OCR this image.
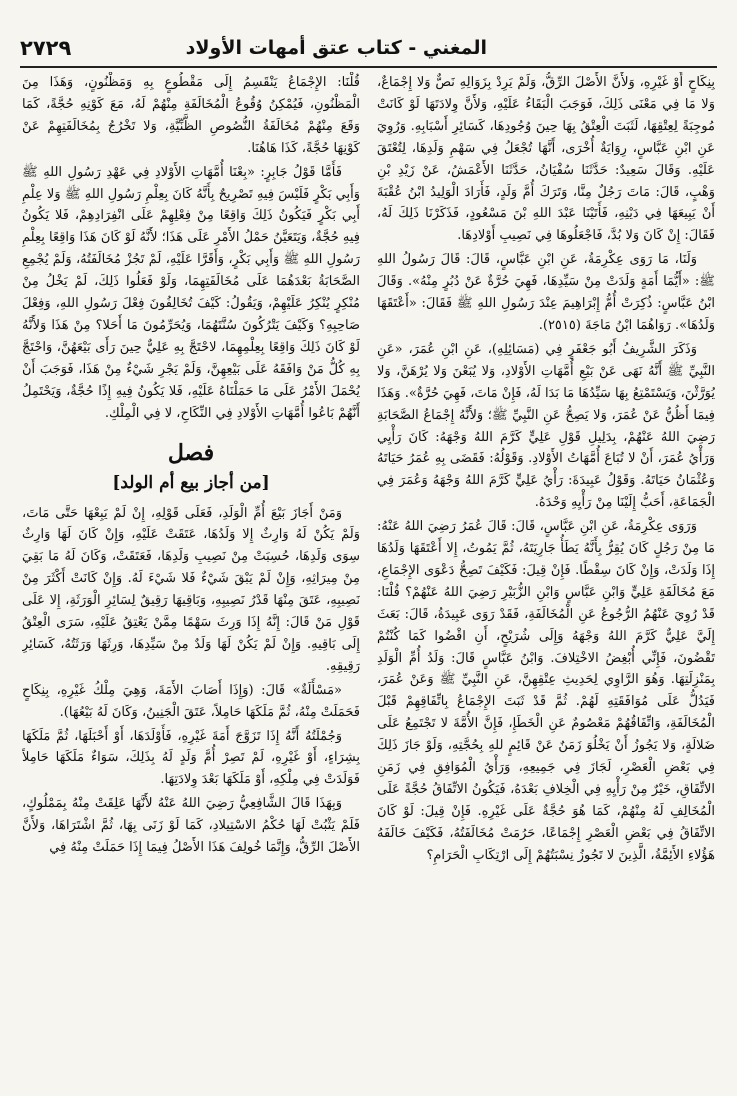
المغني - كتاب عتق أمهات الأولاد
٢٧٢٩

بِنِكَاحٍ أَوْ غَيْرِهِ، وَلأَنَّ الأَصْلَ الرِّقُّ، وَلَمْ يَرِدْ بِزَوَالِهِ نَصٌّ وَلا إِجْمَاعٌ، وَلا مَا فِي مَعْنَى ذَلِكَ، فَوَجَبَ الْبَقَاءُ عَلَيْهِ، وَلأَنَّ وِلادَتَهَا لَوْ كَانَتْ مُوجِبَةً لِعِتْقِهَا، لَثَبَتَ الْعِتْقُ بِهَا حِينَ وُجُودِهَا، كَسَائِرِ أَسْبَابِهِ. وَرُوِيَ عَنِ ابْنِ عَبَّاسٍ، رِوَايَةٌ أُخْرَى، أَنَّهَا تُجْعَلُ فِي سَهْمِ وَلَدِهَا، لِتُعْتَقَ عَلَيْهِ. وَقَالَ سَعِيدٌ: حَدَّثَنَا سُفْيَانُ، حَدَّثَنَا الأَعْمَشُ، عَنْ زَيْدِ بْنِ وَهْبٍ، قَالَ: مَاتَ رَجُلٌ مِنَّا، وَتَرَكَ أُمَّ وَلَدٍ، فَأَرَادَ الْوَلِيدُ ابْنُ عُقْبَةَ أَنْ يَبِيعَهَا فِي دَيْنِهِ، فَأَتَيْنَا عَبْدَ اللهِ بْنَ مَسْعُودٍ، فَذَكَرْنَا ذَلِكَ لَهُ، فَقَالَ: إِنْ كَانَ وَلا بُدَّ، فَاجْعَلُوهَا فِي نَصِيبِ أَوْلادِهَا.

وَلَنَا، مَا رَوَى عِكْرِمَةُ، عَنِ ابْنِ عَبَّاسٍ، قَالَ: قَالَ رَسُولُ اللهِ ﷺ: «أَيُّمَا أَمَةٍ وَلَدَتْ مِنْ سَيِّدِهَا، فَهِيَ حُرَّةٌ عَنْ دُبُرٍ مِنْهُ». وَقَالَ ابْنُ عَبَّاسٍ: ذُكِرَتْ أُمُّ إِبْرَاهِيمَ عِنْدَ رَسُولِ اللهِ ﷺ فَقَالَ: «أَعْتَقَهَا وَلَدُهَا». رَوَاهُمَا ابْنُ مَاجَةَ (٢٥١٥).

وَذَكَرَ الشَّرِيفُ أَبُو جَعْفَرٍ فِي (مَسَائِلِهِ)، عَنِ ابْنِ عُمَرَ، «عَنِ النَّبِيِّ ﷺ أَنَّهُ نَهَى عَنْ بَيْعِ أُمَّهَاتِ الأَوْلادِ، وَلا يُبَعْنَ وَلا يُرْهَنَّ، وَلا يُوَرَّثْنَ، وَيَسْتَمْتِعُ بِهَا سَيِّدُهَا مَا بَدَا لَهُ، فَإِنْ مَاتَ، فَهِيَ حُرَّةٌ». وَهَذَا فِيمَا أَظُنُّ عَنْ عُمَرَ، وَلا يَصِحُّ عَنِ النَّبِيِّ ﷺ؛ وَلأَنَّهُ إِجْمَاعُ الصَّحَابَةِ رَضِيَ اللهُ عَنْهُمْ، بِدَلِيلِ قَوْلِ عَلِيٍّ كَرَّمَ اللهُ وَجْهَهُ: كَانَ رَأْيِي وَرَأْيُ عُمَرَ، أَنْ لا تُبَاعَ أُمَّهَاتُ الأَوْلادِ. وَقَوْلُهُ: فَقَضَى بِهِ عُمَرُ حَيَاتَهُ وَعُثْمَانُ حَيَاتَهُ. وَقَوْلُ عَبِيدَةَ: رَأْيُ عَلِيٍّ كَرَّمَ اللهُ وَجْهَهُ وَعُمَرَ فِي الْجَمَاعَةِ، أَحَبُّ إِلَيْنَا مِنْ رَأْيِهِ وَحْدَهُ.

وَرَوَى عِكْرِمَةُ، عَنِ ابْنِ عَبَّاسٍ، قَالَ: قَالَ عُمَرُ رَضِيَ اللهُ عَنْهُ: مَا مِنْ رَجُلٍ كَانَ يُقِرُّ بِأَنَّهُ يَطَأُ جَارِيَتَهُ، ثُمَّ يَمُوتُ، إِلا أَعْتَقَهَا وَلَدُهَا إِذَا وَلَدَتْ، وَإِنْ كَانَ سِقْطًا. فَإِنْ قِيلَ: فَكَيْفَ تَصِحُّ دَعْوَى الإِجْمَاعِ، مَعَ مُخَالَفَةِ عَلِيٍّ وَابْنِ عَبَّاسٍ وَابْنِ الزُّبَيْرِ رَضِيَ اللهُ عَنْهُمْ؟ قُلْنَا: قَدْ رُوِيَ عَنْهُمُ الرُّجُوعُ عَنِ الْمُخَالَفَةِ، فَقَدْ رَوَى عَبِيدَةُ، قَالَ: بَعَثَ إِلَيَّ عَلِيٌّ كَرَّمَ اللهُ وَجْهَهُ وَإِلَى شُرَيْحٍ، أَنِ اقْضُوا كَمَا كُنْتُمْ تَقْضُونَ، فَإِنِّي أُبْغِضُ الاخْتِلافَ. وَابْنُ عَبَّاسٍ قَالَ: وَلَدُ أُمِّ الْوَلَدِ بِمَنْزِلَتِهَا. وَهُوَ الرَّاوِي لِحَدِيثِ عِتْقِهِنَّ، عَنِ النَّبِيِّ ﷺ وَعَنْ عُمَرَ، فَيَدُلُّ عَلَى مُوَافَقَتِهِ لَهُمْ. ثُمَّ قَدْ ثَبَتَ الإِجْمَاعُ بِاتِّفَاقِهِمْ قَبْلَ الْمُخَالَفَةِ، وَاتِّفَاقُهُمْ مَعْصُومٌ عَنِ الْخَطَإِ، فَإِنَّ الأُمَّةَ لا تَجْتَمِعُ عَلَى ضَلالَةٍ، وَلا يَجُوزُ أَنْ يَخْلُوَ زَمَنٌ عَنْ قَائِمٍ للهِ بِحُجَّتِهِ، وَلَوْ جَازَ ذَلِكَ فِي بَعْضِ الْعَصْرِ، لَجَازَ فِي جَمِيعِهِ، وَرَأْيُ الْمُوَافِقِ فِي زَمَنِ الاتِّفَاقِ، خَيْرٌ مِنْ رَأْيِهِ فِي الْخِلافِ بَعْدَهُ، فَيَكُونُ الاتِّفَاقُ حُجَّةً عَلَى الْمُخَالِفِ لَهُ مِنْهُمْ، كَمَا هُوَ حُجَّةٌ عَلَى غَيْرِهِ. فَإِنْ قِيلَ: لَوْ كَانَ الاتِّفَاقُ فِي بَعْضِ الْعَصْرِ إِجْمَاعًا، حَرُمَتْ مُخَالَفَتُهُ، فَكَيْفَ خَالَفَهُ هَؤُلاءِ الأَئِمَّةُ، الَّذِينَ لا تَجُوزُ نِسْبَتُهُمْ إِلَى ارْتِكَابِ الْحَرَامِ؟

قُلْنَا: الإِجْمَاعُ يَنْقَسِمُ إِلَى مَقْطُوعٍ بِهِ وَمَظْنُونٍ، وَهَذَا مِنَ الْمَظْنُونِ، فَيُمْكِنُ وُقُوعُ الْمُخَالَفَةِ مِنْهُمْ لَهُ، مَعَ كَوْنِهِ حُجَّةً، كَمَا وَقَعَ مِنْهُمْ مُخَالَفَةُ النُّصُوصِ الظَّنِّيَّةِ، وَلا تَخْرُجُ بِمُخَالَفَتِهِمْ عَنْ كَوْنِهَا حُجَّةً، كَذَا هَاهُنَا.

فَأَمَّا قَوْلُ جَابِرٍ: «بِعْنَا أُمَّهَاتِ الأَوْلادِ فِي عَهْدِ رَسُولِ اللهِ ﷺ وَأَبِي بَكْرٍ فَلَيْسَ فِيهِ تَصْرِيحٌ بِأَنَّهُ كَانَ بِعِلْمِ رَسُولِ اللهِ ﷺ وَلا عِلْمِ أَبِي بَكْرٍ فَيَكُونُ ذَلِكَ وَاقِعًا مِنْ فِعْلِهِمْ عَلَى انْفِرَادِهِمْ، فَلا يَكُونُ فِيهِ حُجَّةٌ، وَيَتَعَيَّنُ حَمْلُ الأَمْرِ عَلَى هَذَا؛ لأَنَّهُ لَوْ كَانَ هَذَا وَاقِعًا بِعِلْمِ رَسُولِ اللهِ ﷺ وَأَبِي بَكْرٍ، وَأَقَرَّا عَلَيْهِ، لَمْ تَجُزْ مُخَالَفَتُهُ، وَلَمْ يُجْمِعِ الصَّحَابَةُ بَعْدَهُمَا عَلَى مُخَالَفَتِهِمَا، وَلَوْ فَعَلُوا ذَلِكَ، لَمْ يَخْلُ مِنْ مُنْكِرٍ يُنْكِرُ عَلَيْهِمْ، وَيَقُولُ: كَيْفَ تُخَالِفُونَ فِعْلَ رَسُولِ اللهِ، وَفِعْلَ صَاحِبِهِ؟ وَكَيْفَ يَتْرُكُونَ سُنَّتَهُمَا، وَيُحَرِّمُونَ مَا أَحَلا؟ مِنْ هَذَا وَلأَنَّهُ لَوْ كَانَ ذَلِكَ وَاقِعًا بِعِلْمِهِمَا، لاحْتَجَّ بِهِ عَلِيٌّ حِينَ رَأَى بَيْعَهُنَّ، وَاحْتَجَّ بِهِ كُلُّ مَنْ وَافَقَهُ عَلَى بَيْعِهِنَّ، وَلَمْ يَجْرِ شَيْءٌ مِنْ هَذَا، فَوَجَبَ أَنْ يُحْمَلَ الأَمْرُ عَلَى مَا حَمَلْنَاهُ عَلَيْهِ، فَلا يَكُونُ فِيهِ إِذًا حُجَّةٌ، وَيَحْتَمِلُ أَنَّهُمْ بَاعُوا أُمَّهَاتِ الأَوْلادِ فِي النِّكَاحِ، لا فِي الْمِلْكِ.

فصل
[من أجاز بيع أم الولد]

وَمَنْ أَجَازَ بَيْعَ أُمِّ الْوَلَدِ، فَعَلَى قَوْلِهِ، إِنْ لَمْ يَبِعْهَا حَتَّى مَاتَ، وَلَمْ يَكُنْ لَهُ وَارِثٌ إِلا وَلَدُهَا، عَتَقَتْ عَلَيْهِ، وَإِنْ كَانَ لَهَا وَارِثٌ سِوَى وَلَدِهَا، حُسِبَتْ مِنْ نَصِيبِ وَلَدِهَا، فَعَتَقَتْ، وَكَانَ لَهُ مَا بَقِيَ مِنْ مِيرَاثِهِ، وَإِنْ لَمْ يَبْقَ شَيْءٌ فَلا شَيْءَ لَهُ. وَإِنْ كَانَتْ أَكْثَرَ مِنْ نَصِيبِهِ، عَتَقَ مِنْهَا قَدْرُ نَصِيبِهِ، وَبَاقِيهَا رَقِيقٌ لِسَائِرِ الْوَرَثَةِ، إِلا عَلَى قَوْلِ مَنْ قَالَ: إِنَّهُ إِذَا وَرِثَ سَهْمًا مِمَّنْ يَعْتِقُ عَلَيْهِ، سَرَى الْعِتْقُ إِلَى بَاقِيهِ. وَإِنْ لَمْ يَكُنْ لَهَا وَلَدٌ مِنْ سَيِّدِهَا، وَرِثَهَا وَرَثَتُهُ، كَسَائِرِ رَقِيقِهِ.

«مَسْأَلَةٌ» قَالَ: (وَإِذَا أَصَابَ الأَمَةَ، وَهِيَ مِلْكُ غَيْرِهِ، بِنِكَاحٍ فَحَمَلَتْ مِنْهُ، ثُمَّ مَلَكَهَا حَامِلاً، عَتَقَ الْجَنِينُ، وَكَانَ لَهُ بَيْعُهَا).

وَجُمْلَتُهُ أَنَّهُ إِذَا تَزَوَّجَ أَمَةَ غَيْرِهِ، فَأَوْلَدَهَا، أَوْ أَحْبَلَهَا، ثُمَّ مَلَكَهَا بِشِرَاءٍ، أَوْ غَيْرِهِ، لَمْ تَصِرْ أُمَّ وَلَدٍ لَهُ بِذَلِكَ، سَوَاءٌ مَلَكَهَا حَامِلاً فَوَلَدَتْ فِي مِلْكِهِ، أَوْ مَلَكَهَا بَعْدَ وِلادَتِهَا.

وَبِهَذَا قَالَ الشَّافِعِيُّ رَضِيَ اللهُ عَنْهُ لأَنَّهَا عَلِقَتْ مِنْهُ بِمَمْلُوكٍ، فَلَمْ يَثْبُتْ لَهَا حُكْمُ الاسْتِيلادِ، كَمَا لَوْ زَنَى بِهَا، ثُمَّ اشْتَرَاهَا، وَلأَنَّ الأَصْلَ الرِّقُّ، وَإِنَّمَا خُولِفَ هَذَا الأَصْلُ فِيمَا إِذَا حَمَلَتْ مِنْهُ فِي
